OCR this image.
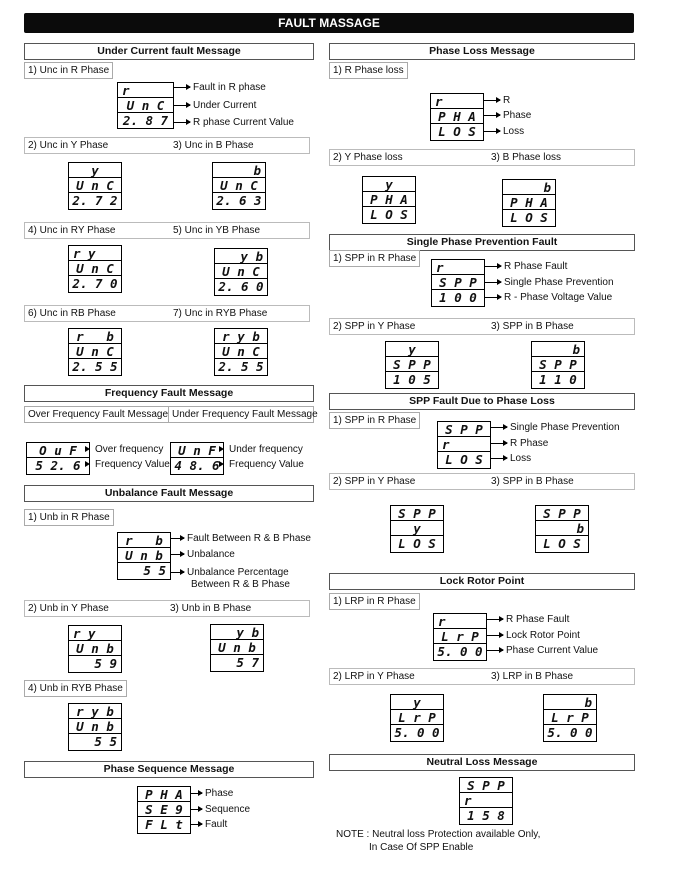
FAULT MASSAGE
Under Current fault Message
1) Unc in R Phase
r
U n C
2. 8 7
Fault in R phase
Under Current
R phase Current Value
2) Unc in Y Phase	3) Unc in B Phase
y
U n C
2. 7 2
b
U n C
2. 6 3
4) Unc in RY Phase	5) Unc in YB Phase
r y
U n C
2. 7 0
y b
U n C
2. 6 0
6) Unc in RB Phase	7) Unc in RYB Phase
r   b
U n C
2. 5 5
r y b
U n C
2. 5 5
Frequency Fault Message
Over Frequency Fault Message Under Frequency Fault Message
O u F
5 2. 6
Over frequency
Frequency Value
U n F
4 8. 6
Under frequency
Frequency Value
Unbalance Fault Message
1) Unb in R Phase
r   b
U n b
5 5
Fault Between R & B Phase
Unbalance
Unbalance Percentage
Between R & B Phase
2) Unb in Y Phase	3) Unb in B Phase
r y
U n b
5 9
y b
U n b
5 7
4) Unb in RYB Phase
r y b
U n b
5 5
Phase Sequence Message
P H A
S E 9
F L t
Phase
Sequence
Fault
Phase Loss Message
1) R Phase loss
r
P H A
L O S
R
Phase
Loss
2) Y Phase loss	3) B Phase loss
y
P H A
L O S
b
P H A
L O S
Single Phase Prevention Fault
1) SPP in R Phase
r
S P P
1 0 0
R Phase Fault
Single Phase Prevention
R - Phase Voltage Value
2) SPP in Y Phase	3) SPP in B Phase
y
S P P
1 0 5
b
S P P
1 1 0
SPP Fault Due to Phase Loss
1) SPP in R Phase
S P P
r
L O S
Single Phase Prevention
R Phase
Loss
2) SPP in Y Phase	3) SPP in B Phase
S P P
y
L O S
S P P
b
L O S
Lock Rotor Point
1) LRP in R Phase
r
L r P
5. 0 0
R Phase Fault
Lock Rotor Point
Phase Current Value
2) LRP in Y Phase	3) LRP in B Phase
y
L r P
5. 0 0
b
L r P
5. 0 0
Neutral Loss Message
S P P
r
1 5 8
NOTE : Neutral loss Protection available Only,
In Case Of SPP Enable
